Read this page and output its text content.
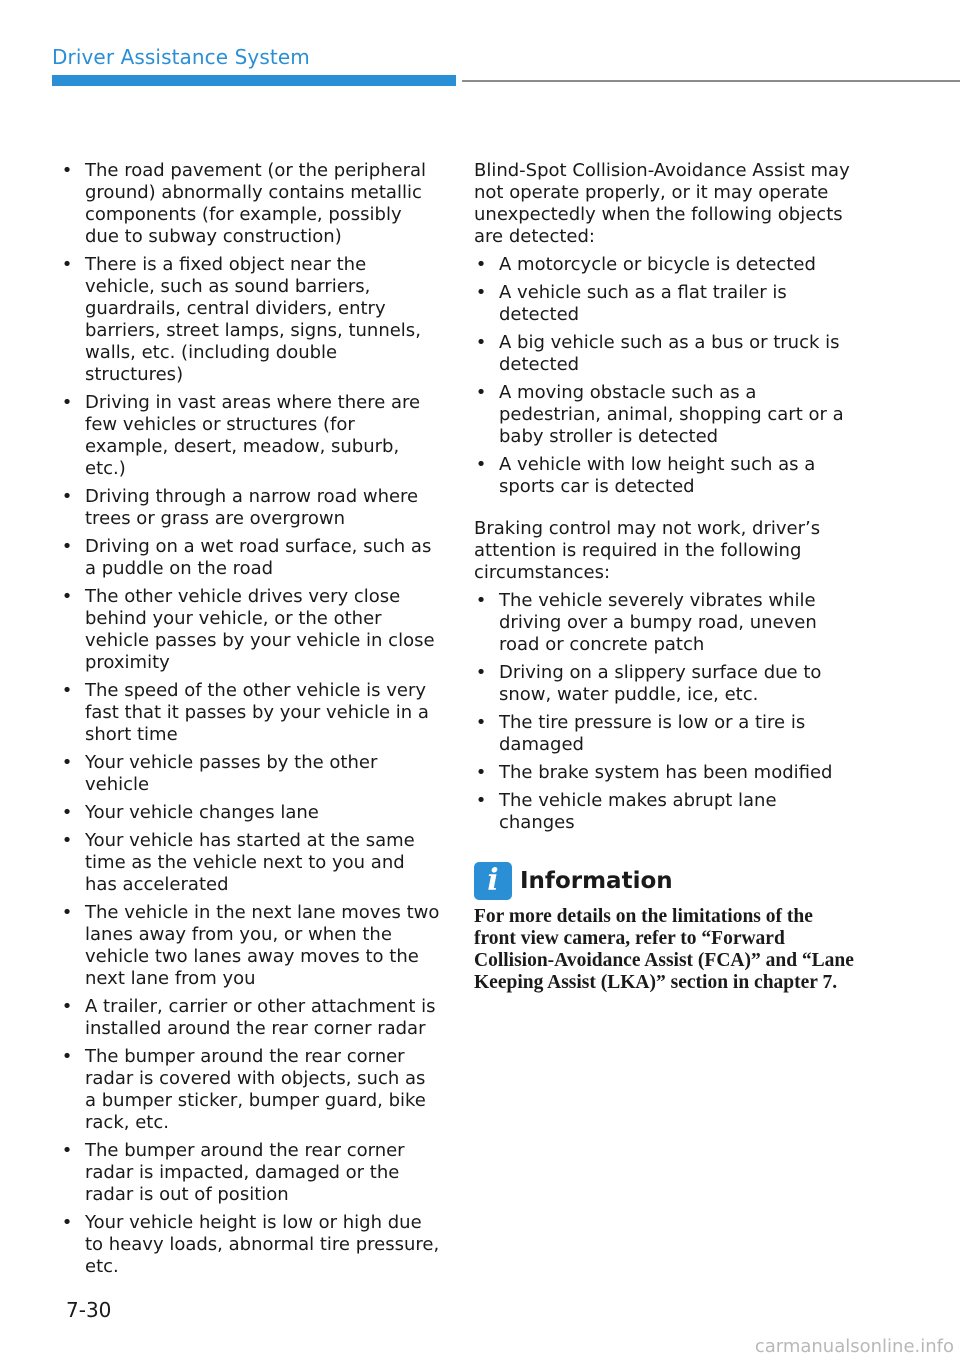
Driver Assistance System
• The road pavement (or the peripheral ground) abnormally contains metallic components (for example, possibly due to subway construction)
• There is a fixed object near the vehicle, such as sound barriers, guardrails, central dividers, entry barriers, street lamps, signs, tunnels, walls, etc. (including double structures)
• Driving in vast areas where there are few vehicles or structures (for example, desert, meadow, suburb, etc.)
• Driving through a narrow road where trees or grass are overgrown
• Driving on a wet road surface, such as a puddle on the road
• The other vehicle drives very close behind your vehicle, or the other vehicle passes by your vehicle in close proximity
• The speed of the other vehicle is very fast that it passes by your vehicle in a short time
• Your vehicle passes by the other vehicle
• Your vehicle changes lane
• Your vehicle has started at the same time as the vehicle next to you and has accelerated
• The vehicle in the next lane moves two lanes away from you, or when the vehicle two lanes away moves to the next lane from you
• A trailer, carrier or other attachment is installed around the rear corner radar
• The bumper around the rear corner radar is covered with objects, such as a bumper sticker, bumper guard, bike rack, etc.
• The bumper around the rear corner radar is impacted, damaged or the radar is out of position
• Your vehicle height is low or high due to heavy loads, abnormal tire pressure, etc.

Blind-Spot Collision-Avoidance Assist may not operate properly, or it may operate unexpectedly when the following objects are detected:

• A motorcycle or bicycle is detected
• A vehicle such as a flat trailer is detected
• A big vehicle such as a bus or truck is detected
• A moving obstacle such as a pedestrian, animal, shopping cart or a baby stroller is detected
• A vehicle with low height such as a sports car is detected

Braking control may not work, driver’s attention is required in the following circumstances:

• The vehicle severely vibrates while driving over a bumpy road, uneven road or concrete patch
• Driving on a slippery surface due to snow, water puddle, ice, etc.
• The tire pressure is low or a tire is damaged
• The brake system has been modified
• The vehicle makes abrupt lane changes
i Information

For more details on the limitations of the front view camera, refer to “Forward Collision-Avoidance Assist (FCA)” and “Lane Keeping Assist (LKA)” section in chapter 7.

7-30
carmanualsonline.info
